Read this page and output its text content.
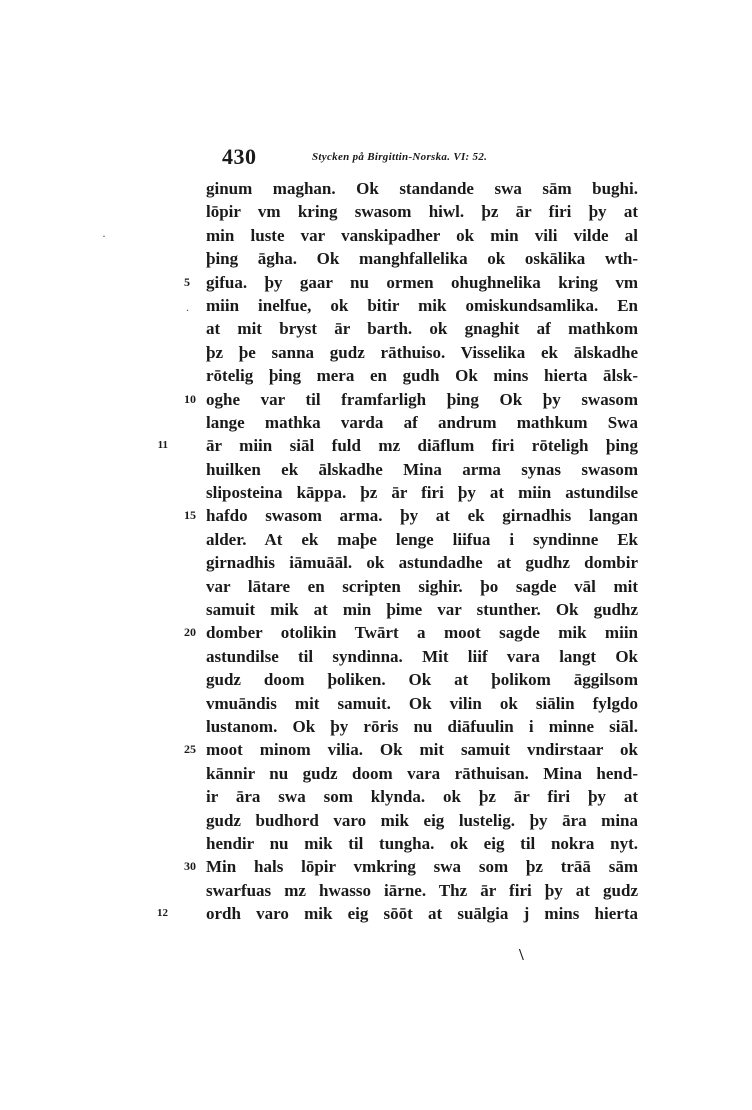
430	Stycken på Birgittin-Norska. VI: 52.
·
.
ginum maghan. Ok standande swa sām bughi.
lōpir vm kring swasom hiwl. þz ār firi þy at
min luste var vanskipadher ok min vili vilde al
þing āgha. Ok manghfallelika ok oskālika wth-
5 gifua. þy gaar nu ormen ohughnelika kring vm
miin inelfue, ok bitir mik omiskundsamlika. En
at mit bryst ār barth. ok gnaghit af mathkom
þz þe sanna gudz rāthuiso. Visselika ek ālskadhe
rōtelig þing mera en gudh Ok mins hierta ālsk-
10 oghe var til framfarligh þing Ok þy swasom
lange mathka varda af andrum mathkum Swa
ār miin siāl fuld mz diāflum firi rōteligh þing
huilken ek ālskadhe Mina arma synas swasom
sliposteina kāppa. þz ār firi þy at miin astundilse
15 hafdo swasom arma. þy at ek girnadhis langan
alder. At ek maþe lenge liifua i syndinne Ek
girnadhis iāmuāāl. ok astundadhe at gudhz dombir
var lātare en scripten sighir. þo sagde vāl mit
samuit mik at min þime var stunther. Ok gudhz
20 domber otolikin Twārt a moot sagde mik miin
astundilse til syndinna. Mit liif vara langt Ok
gudz doom þoliken. Ok at þolikom āggilsom
vmuāndis mit samuit. Ok vilin ok siālin fylgdo
lustanom. Ok þy rōris nu diāfuulin i minne siāl.
25 moot minom vilia. Ok mit samuit vndirstaar ok
kānnir nu gudz doom vara rāthuisan. Mina hend-
ir āra swa som klynda. ok þz ār firi þy at
gudz budhord varo mik eig lustelig. þy āra mina
hendir nu mik til tungha. ok eig til nokra nyt.
30 Min hals lōpir vmkring swa som þz trāā sām
swarfuas mz hwasso iārne. Thz ār firi þy at gudz
ordh varo mik eig sōōt at suālgia j mins hierta
11
12
\
